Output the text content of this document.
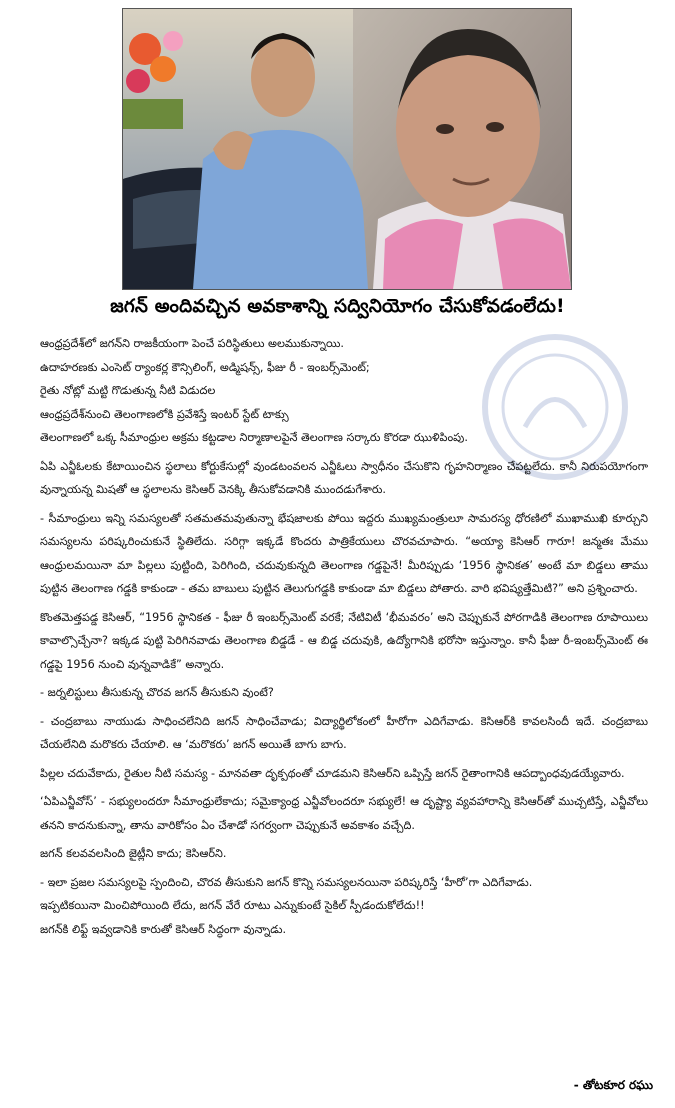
జగన్ అందివచ్చిన అవకాశాన్ని సద్వినియోగం చేసుకోవడంలేదు!

ఆంధ్రప్రదేశ్‌లో జగన్‌ని రాజకీయంగా పెంచే పరిస్థితులు అలముకున్నాయి.

ఉదాహరణకు ఎంసెట్ ర్యాంకర్ల కౌన్సిలింగ్, అడ్మిషన్స్, ఫీజు రీ - ఇంబర్స్‌మెంట్;

రైతు నోట్లో మట్టి గొడుతున్న నీటి విడుదల

ఆంధ్రప్రదేశ్‌నుంచి తెలంగాణలోకి ప్రవేశిస్తే ఇంటర్ స్టేట్ టాక్సు

తెలంగాణలో ఒక్క సీమాంధ్రుల అక్రమ కట్టడాల నిర్మాణాలపైనే తెలంగాణ సర్కారు కొరడా ఝుళిపింపు.

ఏపి ఎన్జీఓలకు కేటాయించిన స్థలాలు కోర్టుకేసుల్లో వుండటంవలన ఎన్జీఓలు స్వాధీనం చేసుకొని గృహనిర్మాణం చేపట్టలేదు. కానీ నిరుపయోగంగా వున్నాయన్న మిషతో ఆ స్థలాలను కెసిఆర్ వెనక్కి తీసుకోవడానికి ముందడుగేశారు.

- సీమాంధ్రులు ఇన్ని సమస్యలతో సతమతమవుతున్నా భేషజాలకు పోయి ఇద్దరు ముఖ్యమంత్రులూ సామరస్య ధోరణిలో ముఖాముఖి కూర్చుని సమస్యలను పరిష్కరించుకునే స్థితిలేదు. సరిగ్గా ఇక్కడే కొందరు పాత్రికేయులు చొరవచూపారు. “అయ్యా కెసిఆర్ గారూ! జన్మతః మేము ఆంధ్రులమయినా మా పిల్లలు పుట్టింది, పెరిగింది, చదువుకున్నది తెలంగాణ గడ్డపైనే! మీరిప్పుడు ‘1956 స్థానికత’ అంటే మా బిడ్డలు తాము పుట్టిన తెలంగాణ గడ్డకి కాకుండా - తమ బాబులు పుట్టిన తెలుగుగడ్డకి కాకుండా మా బిడ్డలు పోతారు. వారి భవిష్యత్తేమిటి?” అని ప్రశ్నించారు.

కొంతమెత్తపడ్డ కెసిఆర్, “1956 స్థానికత - ఫీజు రీ ఇంబర్స్‌మెంట్ వరకే; నేటివిటీ ‘భీమవరం’ అని చెప్పుకునే పోరగాడికి తెలంగాణ రూపాయిలు కావాల్సొచ్చేనా? ఇక్కడ పుట్టి పెరిగినవాడు తెలంగాణ బిడ్డడే - ఆ బిడ్డ చదువుకి, ఉద్యోగానికి భరోసా ఇస్తున్నాం. కానీ ఫీజు రీ-ఇంబర్స్‌మెంట్ ఈ గడ్డపై 1956 నుంచి వున్నవాడికే” అన్నారు.

- జర్నలిస్టులు తీసుకున్న చొరవ జగన్ తీసుకుని వుంటే?

- చంద్రబాబు నాయుడు సాధించలేనిది జగన్ సాధించేవాడు; విద్యార్థిలోకంలో హీరోగా ఎదిగేవాడు. కెసిఆర్‌కి కావలసిందీ ఇదే. చంద్రబాబు చేయలేనిది మరొకరు చేయాలి. ఆ ‘మరొకరు’ జగన్ అయితే బాగు బాగు.

పిల్లల చదువేకాదు, రైతుల నీటి సమస్య - మానవతా దృక్పథంతో చూడమని కెసిఆర్‌ని ఒప్పిస్తే జగన్ రైతాంగానికి ఆపద్బాంధవుడయ్యేవారు.

‘ఏపిఎన్జీవోస్’ - సభ్యులందరూ సీమాంధ్రులేకాదు; సమైక్యాంధ్ర ఎన్జీవోలందరూ సభ్యులే! ఆ దృష్ట్యా వ్యవహారాన్ని కెసిఆర్‌తో ముచ్చటిస్తే, ఎన్జీవోలు తనని కాదనుకున్నా, తాను వారికోసం ఏం చేశాడో సగర్వంగా చెప్పుకునే అవకాశం వచ్చేది.

జగన్ కలవవలసింది జైట్లీని కాదు; కెసిఆర్‌ని.

- ఇలా ప్రజల సమస్యలపై స్పందించి, చొరవ తీసుకుని జగన్ కొన్ని సమస్యలనయినా పరిష్కరిస్తే ‘హీరో’గా ఎదిగేవాడు.

ఇప్పటికయినా మించిపోయింది లేదు, జగన్ వేరే రూటు ఎన్నుకుంటే సైకిల్ స్పీడందుకోలేదు!!

జగన్‌కి లిఫ్ట్ ఇవ్వడానికి కారుతో కెసిఆర్ సిద్ధంగా వున్నాడు.

- తోటకూర రఘు
